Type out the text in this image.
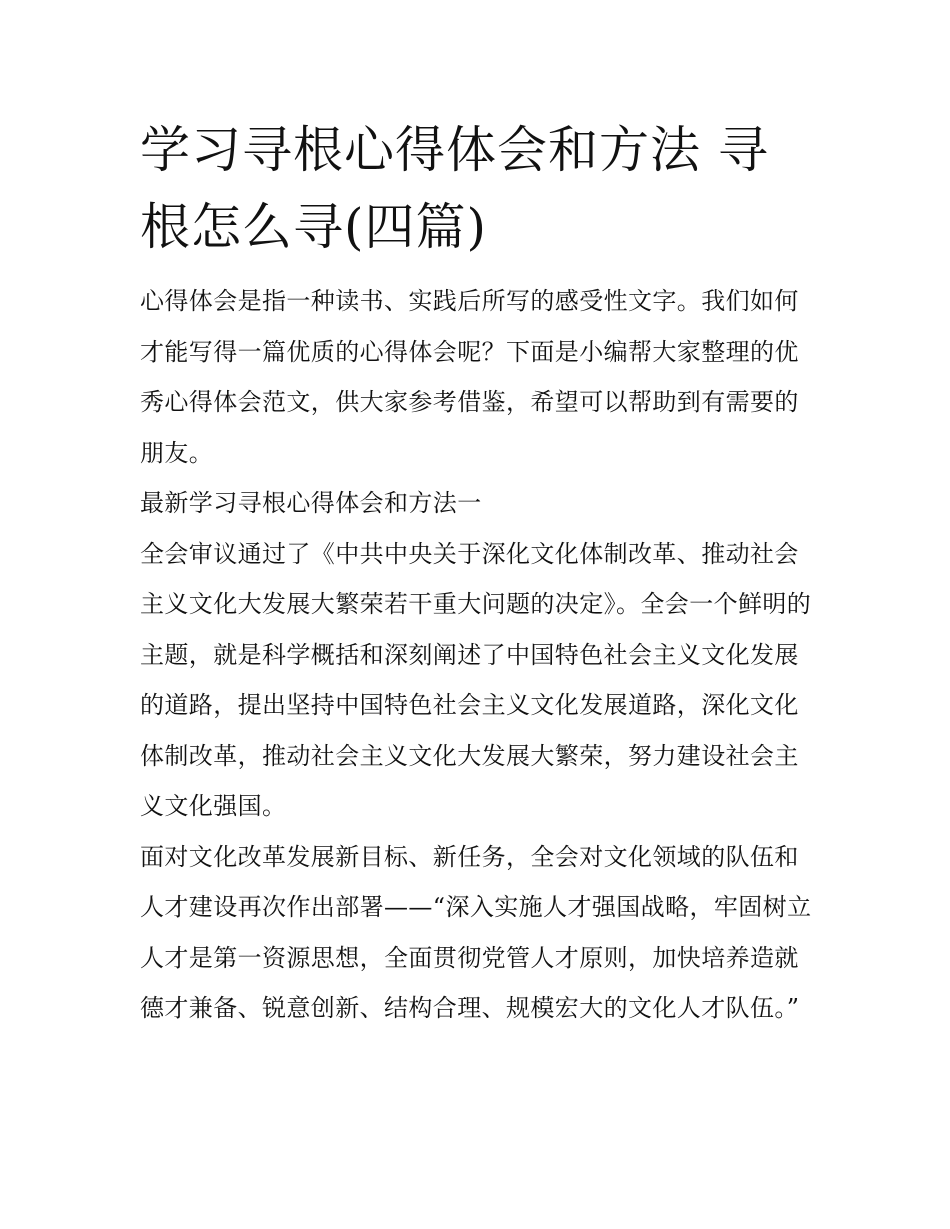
学习寻根心得体会和方法 寻根怎么寻(四篇)

心得体会是指一种读书、实践后所写的感受性文字。我们如何才能写得一篇优质的心得体会呢？下面是小编帮大家整理的优秀心得体会范文，供大家参考借鉴，希望可以帮助到有需要的朋友。

最新学习寻根心得体会和方法一

全会审议通过了《中共中央关于深化文化体制改革、推动社会主义文化大发展大繁荣若干重大问题的决定》。全会一个鲜明的主题，就是科学概括和深刻阐述了中国特色社会主义文化发展的道路，提出坚持中国特色社会主义文化发展道路，深化文化体制改革，推动社会主义文化大发展大繁荣，努力建设社会主义文化强国。

面对文化改革发展新目标、新任务，全会对文化领域的队伍和人才建设再次作出部署——“深入实施人才强国战略，牢固树立人才是第一资源思想，全面贯彻党管人才原则，加快培养造就德才兼备、锐意创新、结构合理、规模宏大的文化人才队伍。”
